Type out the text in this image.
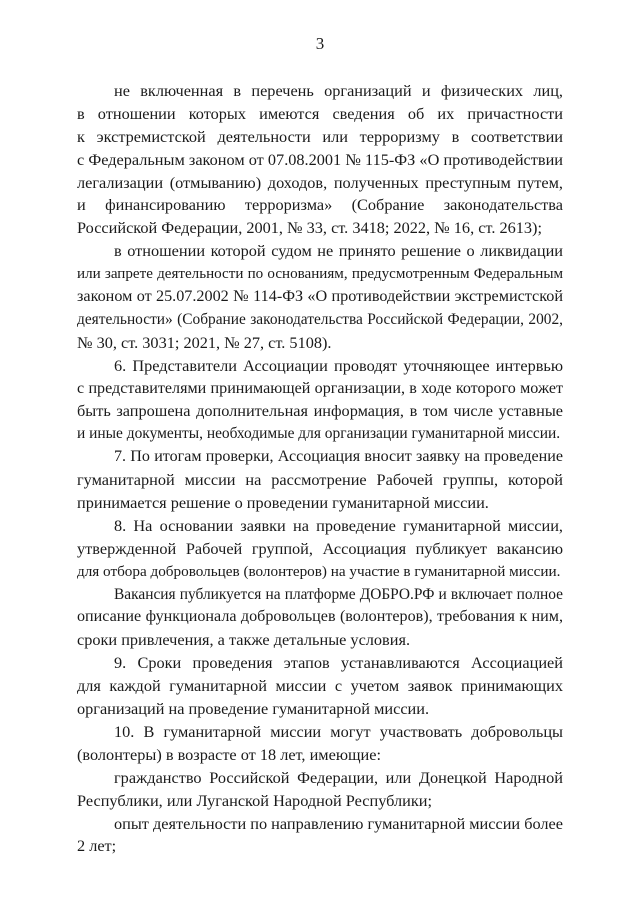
3
не включенная в перечень организаций и физических лиц,
в отношении которых имеются сведения об их причастности
к экстремистской деятельности или терроризму в соответствии
с Федеральным законом от 07.08.2001 № 115-ФЗ «О противодействии
легализации (отмыванию) доходов, полученных преступным путем,
и финансированию терроризма» (Собрание законодательства
Российской Федерации, 2001, № 33, ст. 3418; 2022, № 16, ст. 2613);
в отношении которой судом не принято решение о ликвидации
или запрете деятельности по основаниям, предусмотренным Федеральным
законом от 25.07.2002 № 114-ФЗ «О противодействии экстремистской
деятельности» (Собрание законодательства Российской Федерации, 2002,
№ 30, ст. 3031; 2021, № 27, ст. 5108).
6. Представители Ассоциации проводят уточняющее интервью
с представителями принимающей организации, в ходе которого может
быть запрошена дополнительная информация, в том числе уставные
и иные документы, необходимые для организации гуманитарной миссии.
7. По итогам проверки, Ассоциация вносит заявку на проведение
гуманитарной миссии на рассмотрение Рабочей группы, которой
принимается решение о проведении гуманитарной миссии.
8. На основании заявки на проведение гуманитарной миссии,
утвержденной Рабочей группой, Ассоциация публикует вакансию
для отбора добровольцев (волонтеров) на участие в гуманитарной миссии.
Вакансия публикуется на платформе ДОБРО.РФ и включает полное
описание функционала добровольцев (волонтеров), требования к ним,
сроки привлечения, а также детальные условия.
9. Сроки проведения этапов устанавливаются Ассоциацией
для каждой гуманитарной миссии с учетом заявок принимающих
организаций на проведение гуманитарной миссии.
10. В гуманитарной миссии могут участвовать добровольцы
(волонтеры) в возрасте от 18 лет, имеющие:
гражданство Российской Федерации, или Донецкой Народной
Республики, или Луганской Народной Республики;
опыт деятельности по направлению гуманитарной миссии более
2 лет;
